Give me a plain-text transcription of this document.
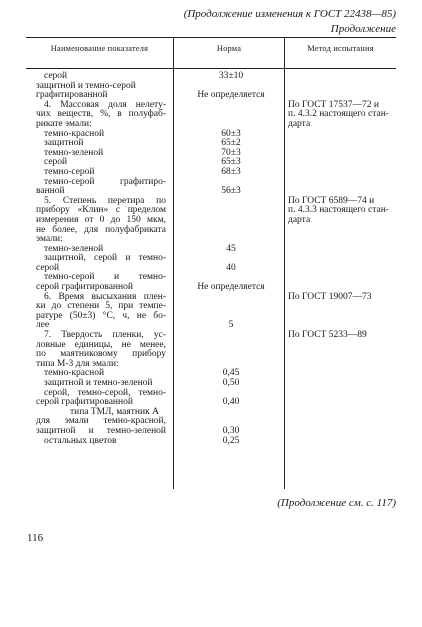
(Продолжение изменения к ГОСТ 22438—85)
Продолжение
Наименование показателя	Норма	Метод испытания
серой	33±10
защитной и темно-серой
графитированной	Не определяется
4. Массовая доля нелету-	По ГОСТ 17537—72 и
чих веществ, %, в полуфаб-	п. 4.3.2 настоящего стан-
рикате эмали:	дарта
темно-красной	60±3
защитной	65±2
темно-зеленой	70±3
серой	65±3
темно-серой	68±3
темно-серой графитиро-
ванной	56±3
5. Степень перетира по	По ГОСТ 6589—74 и
прибору «Клин» с пределом	п. 4.3.3 настоящего стан-
измерения от 0 до 150 мкм,	дарта
не более, для полуфабриката
эмали:
темно-зеленой	45
защитной, серой и темно-
серой	40
темно-серой и темно-
серой графитированной	Не определяется
6. Время высыхания плен-	По ГОСТ 19007—73
ки до степени 5, при темпе-
ратуре (50±3) °С, ч, не бо-
лее	5
7. Твердость пленки, ус-	По ГОСТ 5233—89
ловные единицы, не менее,
по маятниковому прибору
типа М-3 для эмали:
темно-красной	0,45
защитной и темно-зеленой	0,50
серой, темно-серой, темно-
серой графитированной	0,40
типа ТМЛ, маятник А
для эмали темно-красной,
защитной и темно-зеленой	0,30
остальных цветов	0,25
(Продолжение см. с. 117)
116
